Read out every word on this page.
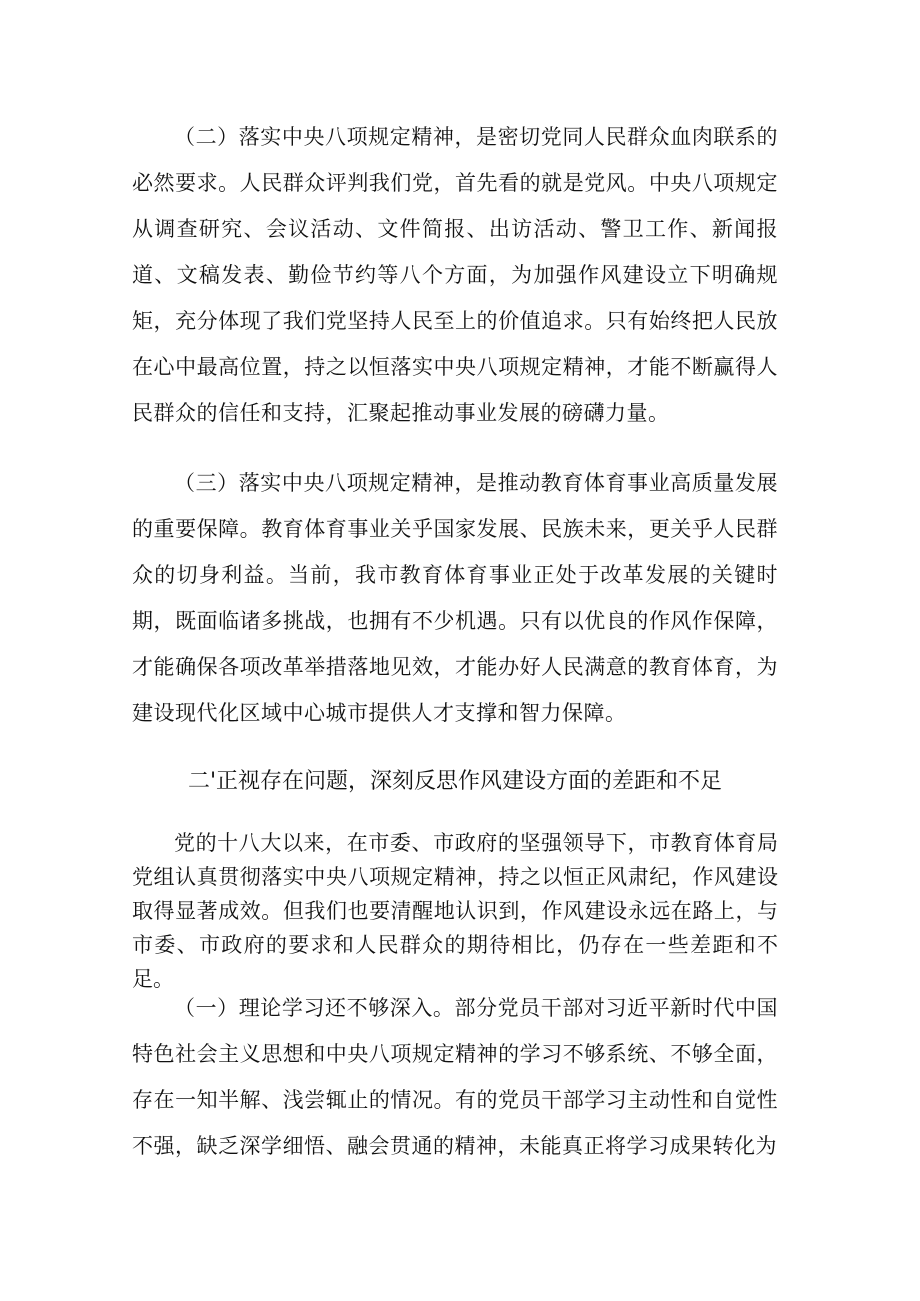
（二）落实中央八项规定精神，是密切党同人民群众血肉联系的必然要求。人民群众评判我们党，首先看的就是党风。中央八项规定从调查研究、会议活动、文件简报、出访活动、警卫工作、新闻报道、文稿发表、勤俭节约等八个方面，为加强作风建设立下明确规矩，充分体现了我们党坚持人民至上的价值追求。只有始终把人民放在心中最高位置，持之以恒落实中央八项规定精神，才能不断赢得人民群众的信任和支持，汇聚起推动事业发展的磅礴力量。

（三）落实中央八项规定精神，是推动教育体育事业高质量发展的重要保障。教育体育事业关乎国家发展、民族未来，更关乎人民群众的切身利益。当前，我市教育体育事业正处于改革发展的关键时期，既面临诸多挑战，也拥有不少机遇。只有以优良的作风作保障，才能确保各项改革举措落地见效，才能办好人民满意的教育体育，为建设现代化区域中心城市提供人才支撑和智力保障。

二'正视存在问题，深刻反思作风建设方面的差距和不足

党的十八大以来，在市委、市政府的坚强领导下，市教育体育局党组认真贯彻落实中央八项规定精神，持之以恒正风肃纪，作风建设取得显著成效。但我们也要清醒地认识到，作风建设永远在路上，与市委、市政府的要求和人民群众的期待相比，仍存在一些差距和不足。

（一）理论学习还不够深入。部分党员干部对习近平新时代中国特色社会主义思想和中央八项规定精神的学习不够系统、不够全面，存在一知半解、浅尝辄止的情况。有的党员干部学习主动性和自觉性不强，缺乏深学细悟、融会贯通的精神，未能真正将学习成果转化为
